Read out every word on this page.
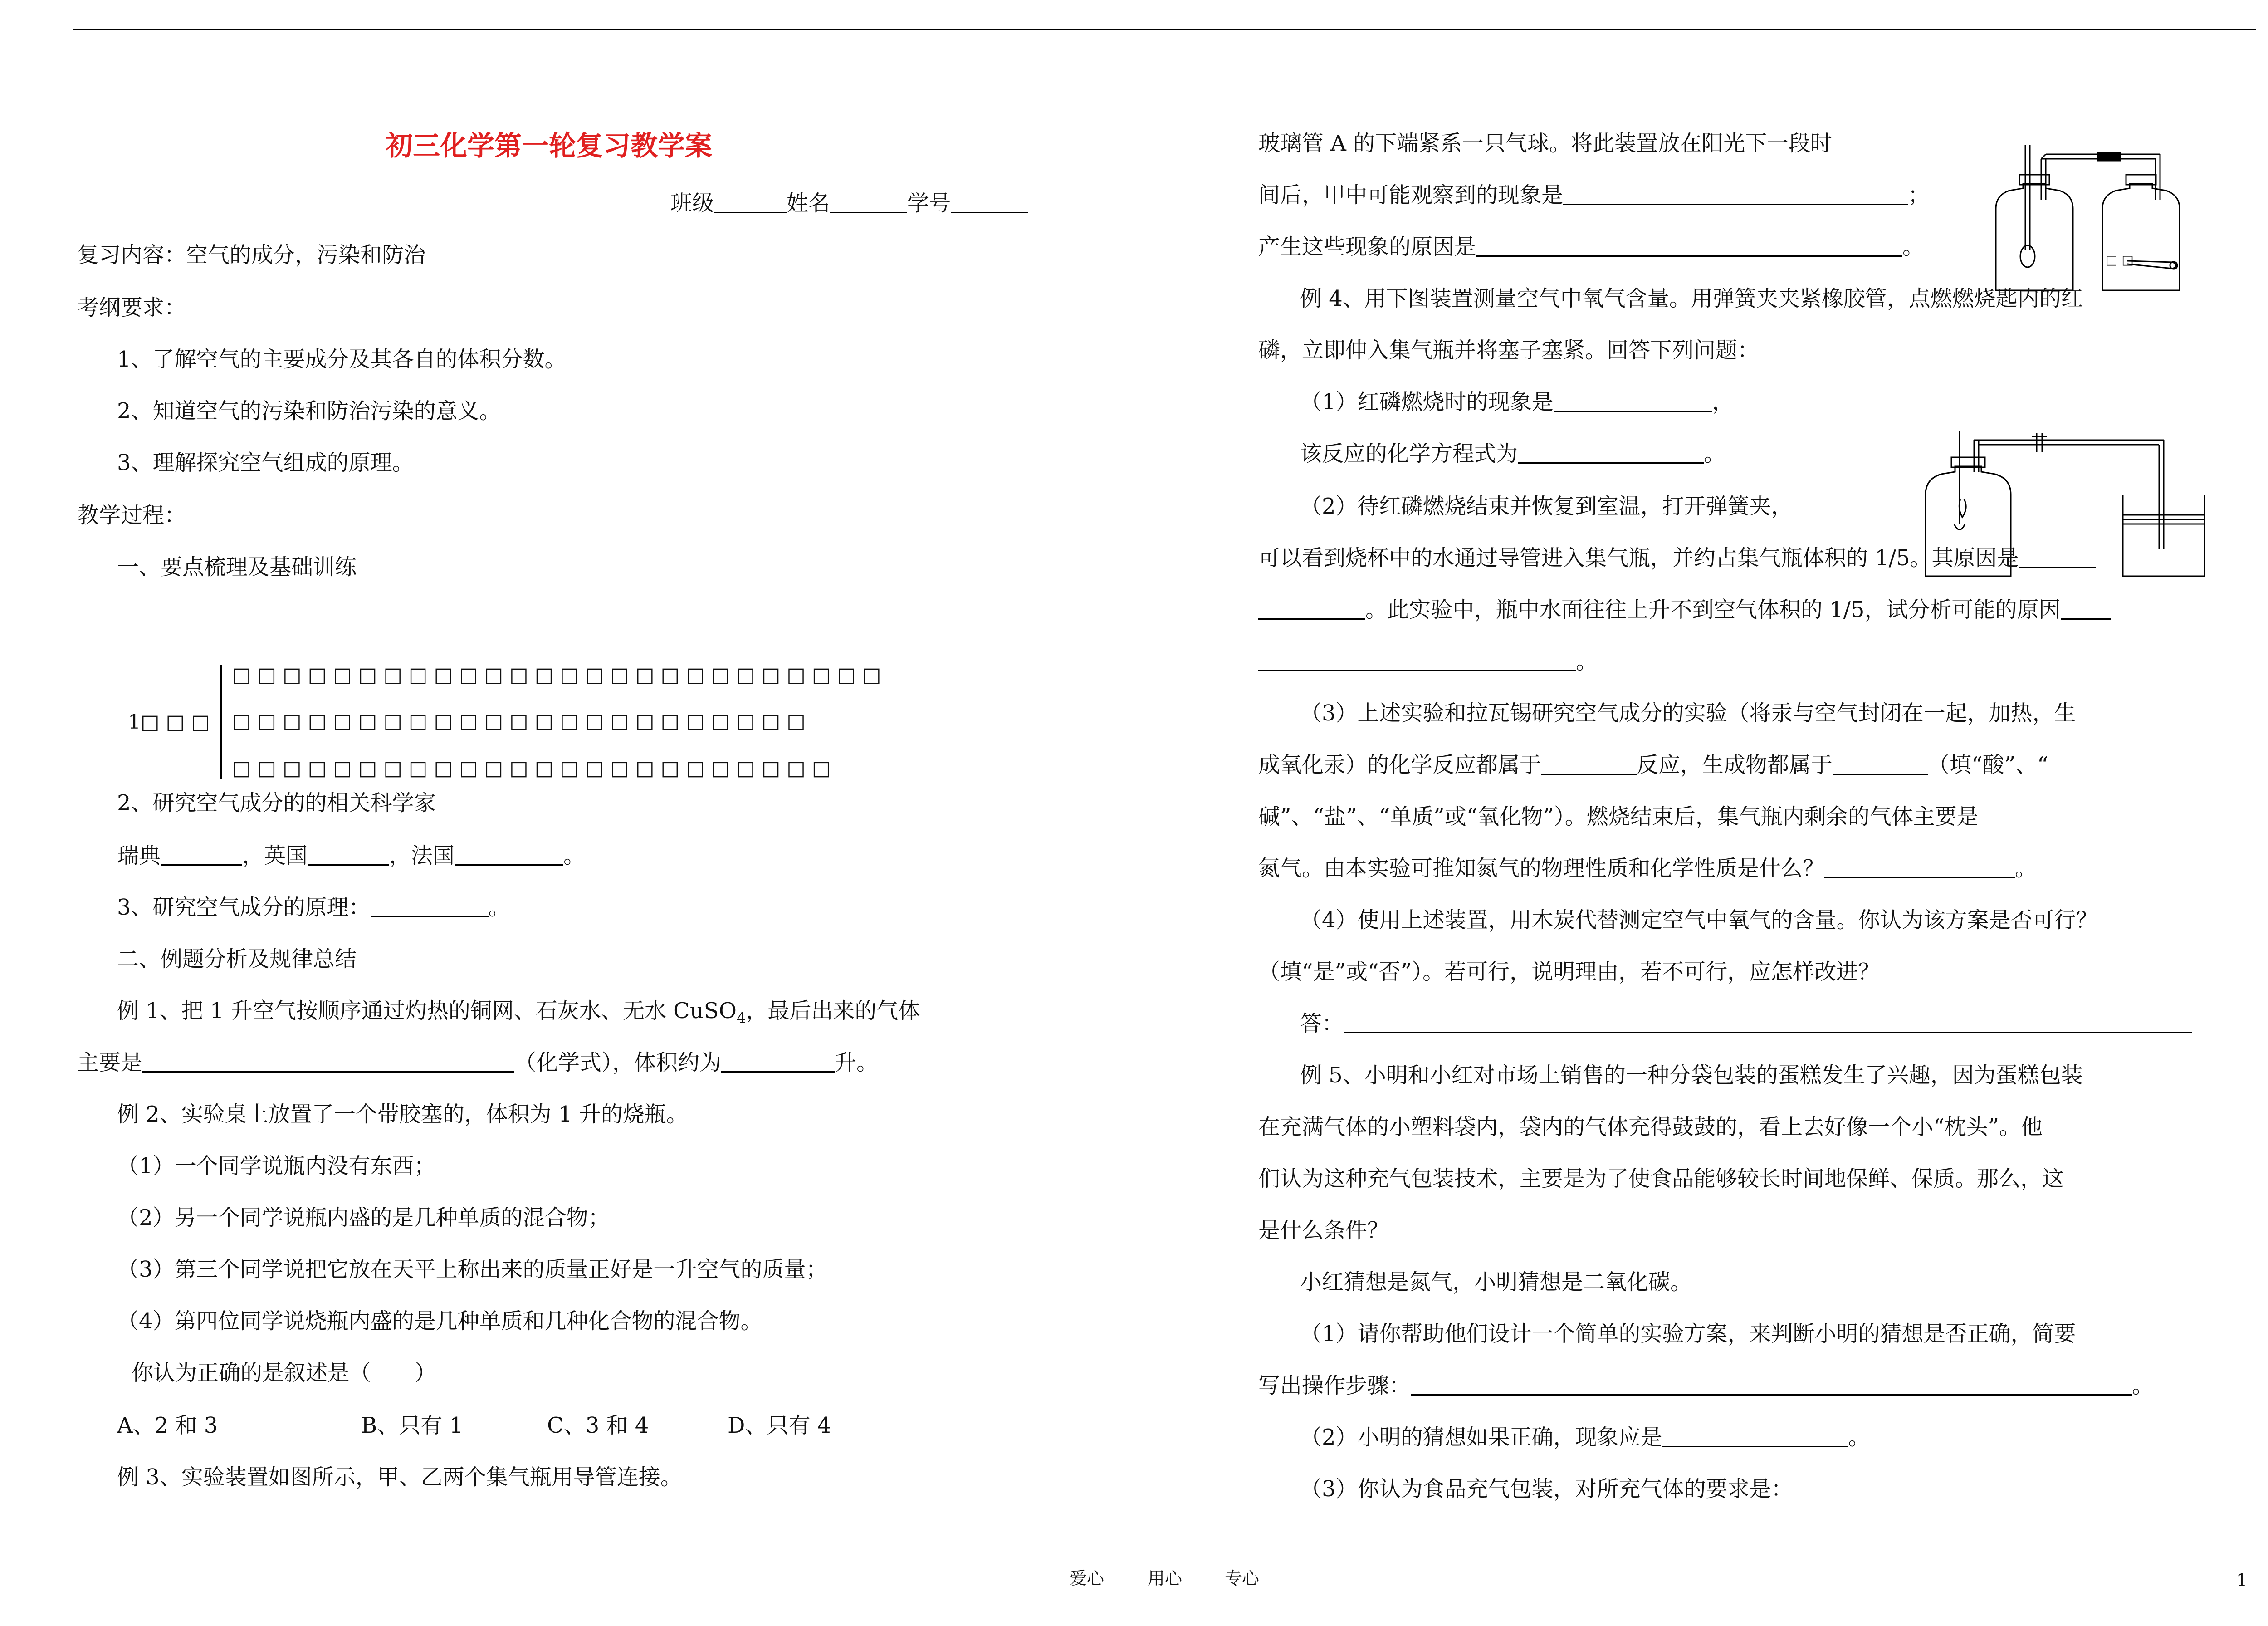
初三化学第一轮复习教学案
班级	姓名	学号
复习内容：空气的成分，污染和防治
考纲要求：
1、了解空气的主要成分及其各自的体积分数。
2、知道空气的污染和防治污染的意义。
3、理解探究空气组成的原理。
教学过程：
一、要点梳理及基础训练
1□ □ □
□ □ □ □ □ □ □ □ □ □ □ □ □ □ □ □ □ □ □ □ □ □ □ □ □ □
□ □ □ □ □ □ □ □ □ □ □ □ □ □ □ □ □ □ □ □ □ □ □
□ □ □ □ □ □ □ □ □ □ □ □ □ □ □ □ □ □ □ □ □ □ □ □
2、研究空气成分的的相关科学家
瑞典	，英国	，法国	。
3、研究空气成分的原理：	。
二、例题分析及规律总结
例 1、把 1 升空气按顺序通过灼热的铜网、石灰水、无水 CuSO$_4$，最后出来的气体
主要是	（化学式），体积约为	升。
例 2、实验桌上放置了一个带胶塞的，体积为 1 升的烧瓶。
（1）一个同学说瓶内没有东西；
（2）另一个同学说瓶内盛的是几种单质的混合物；
（3）第三个同学说把它放在天平上称出来的质量正好是一升空气的质量；
（4）第四位同学说烧瓶内盛的是几种单质和几种化合物的混合物。
你认为正确的是叙述是（　　）
A、2 和 3	B、只有 1	C、3 和 4	D、只有 4
例 3、实验装置如图所示，甲、乙两个集气瓶用导管连接。
玻璃管 A 的下端紧系一只气球。将此装置放在阳光下一段时
间后，甲中可能观察到的现象是	；
产生这些现象的原因是	。
□ □
例 4、用下图装置测量空气中氧气含量。用弹簧夹夹紧橡胶管，点燃燃烧匙内的红
磷，立即伸入集气瓶并将塞子塞紧。回答下列问题：
（1）红磷燃烧时的现象是	，
该反应的化学方程式为	。
（2）待红磷燃烧结束并恢复到室温，打开弹簧夹，
可以看到烧杯中的水通过导管进入集气瓶，并约占集气瓶体积的 1/5。其原因是
。此实验中，瓶中水面往往上升不到空气体积的 1/5，试分析可能的原因
。
（3）上述实验和拉瓦锡研究空气成分的实验（将汞与空气封闭在一起，加热，生
成氧化汞）的化学反应都属于	反应，生成物都属于	（填“酸”、“
碱”、“盐”、“单质”或“氧化物”）。燃烧结束后，集气瓶内剩余的气体主要是
氮气。由本实验可推知氮气的物理性质和化学性质是什么？	。
（4）使用上述装置，用木炭代替测定空气中氧气的含量。你认为该方案是否可行？
（填“是”或“否”）。若可行，说明理由，若不可行，应怎样改进？
答：
例 5、小明和小红对市场上销售的一种分袋包装的蛋糕发生了兴趣，因为蛋糕包装
在充满气体的小塑料袋内，袋内的气体充得鼓鼓的，看上去好像一个小“枕头”。他
们认为这种充气包装技术，主要是为了使食品能够较长时间地保鲜、保质。那么，这
是什么条件？
小红猜想是氮气，小明猜想是二氧化碳。
（1）请你帮助他们设计一个简单的实验方案，来判断小明的猜想是否正确，简要
写出操作步骤：	。
（2）小明的猜想如果正确，现象应是	。
（3）你认为食品充气包装，对所充气体的要求是：
爱心	用心 专心	1
